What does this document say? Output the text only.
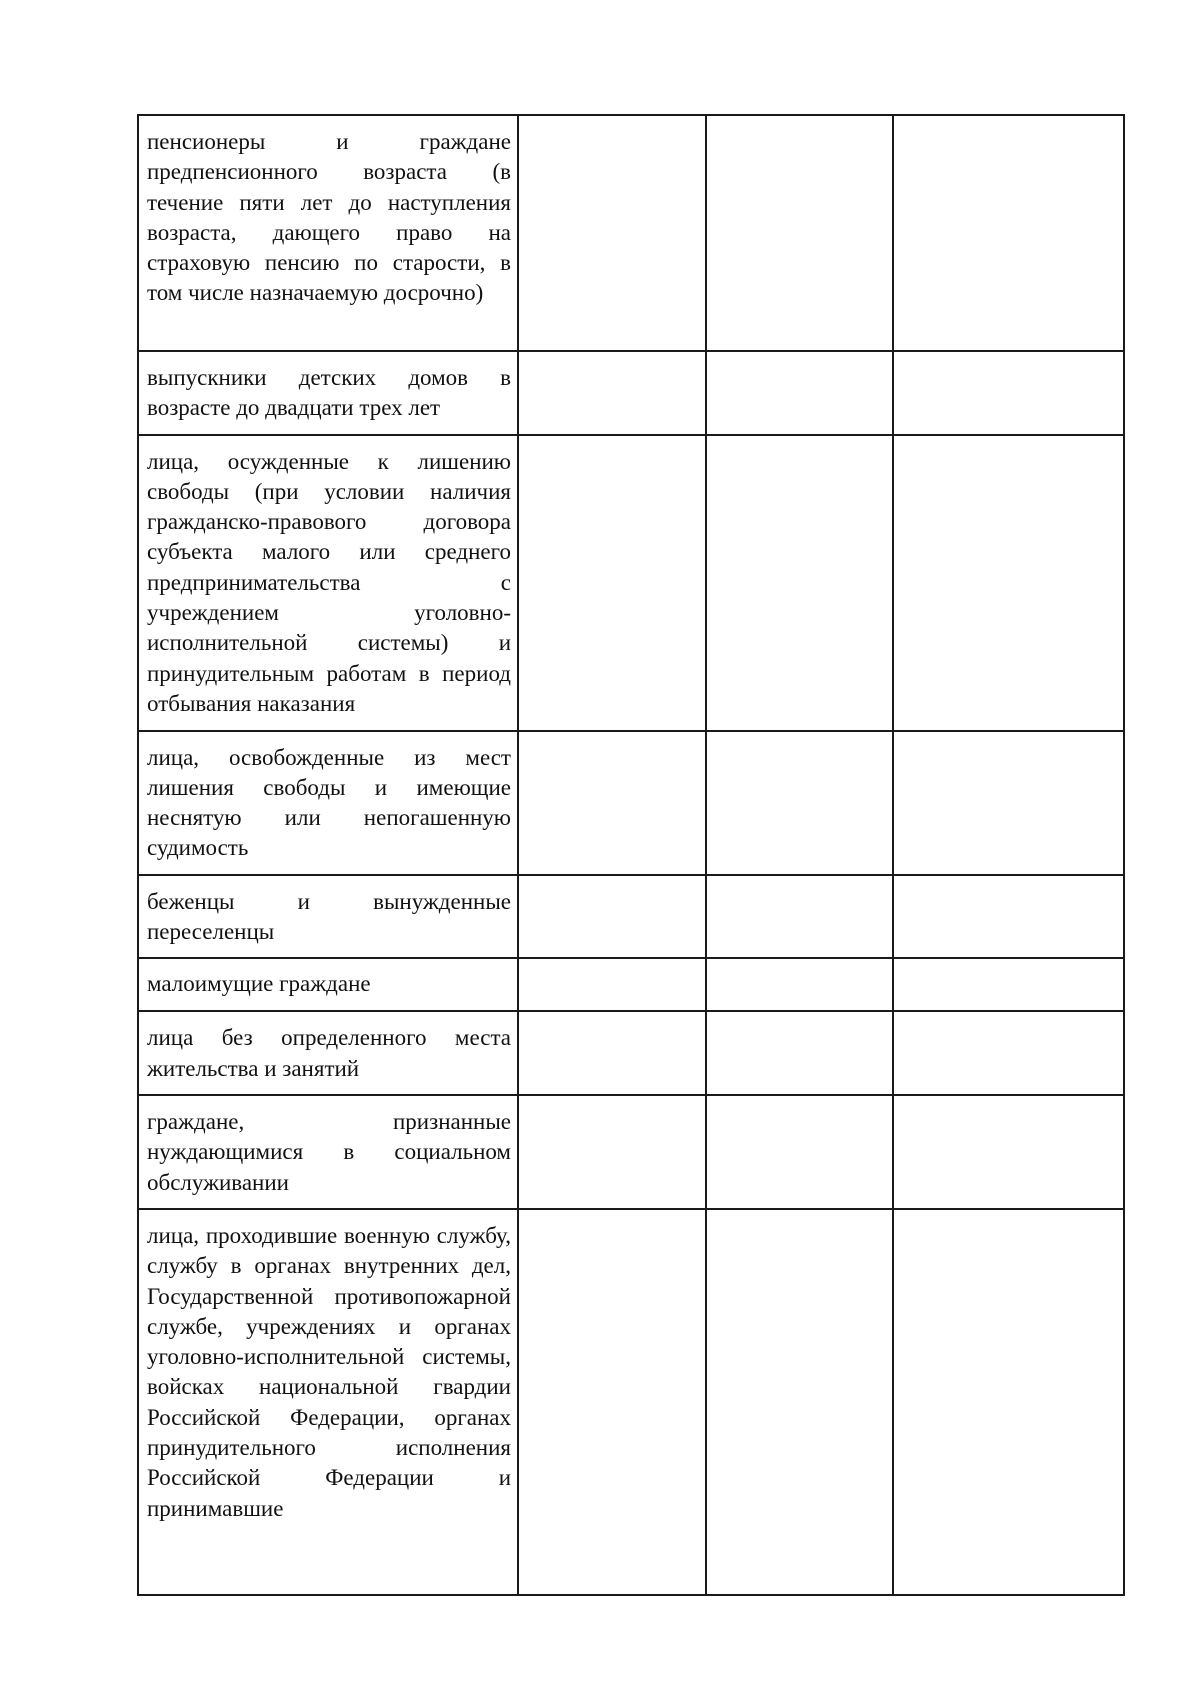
пенсионеры и граждане предпенсионного возраста (в течение пяти лет до наступления возраста, дающего право на страховую пенсию по старости, в том числе назначаемую досрочно)			

выпускники детских домов в возрасте до двадцати трех лет			

лица, осужденные к лишению свободы (при условии наличия гражданско-правового договора субъекта малого или среднего предпринимательства с учреждением уголовно-исполнительной системы) и принудительным работам в период отбывания наказания			

лица, освобожденные из мест лишения свободы и имеющие неснятую или непогашенную судимость			

беженцы и вынужденные переселенцы			

малоимущие граждане			

лица без определенного места жительства и занятий			

граждане, признанные нуждающимися в социальном обслуживании			

лица, проходившие военную службу, службу в органах внутренних дел, Государственной противопожарной службе, учреждениях и органах уголовно-исполнительной системы, войсках национальной гвардии Российской Федерации, органах принудительного исполнения Российской Федерации и принимавшие			
